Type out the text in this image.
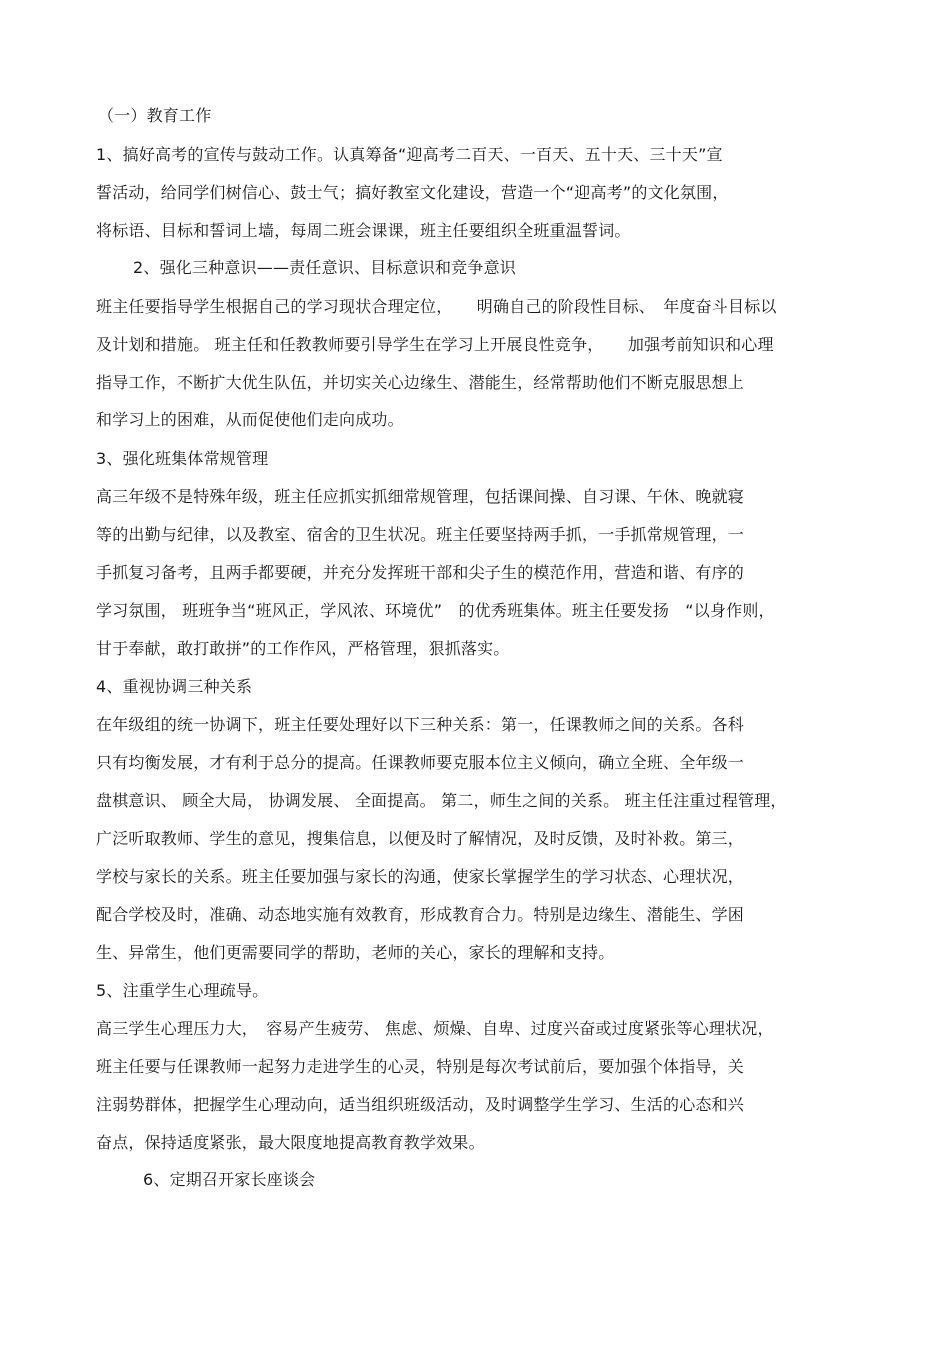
（一）教育工作
1、搞好高考的宣传与鼓动工作。认真筹备“迎高考二百天、一百天、五十天、三十天”宣
誓活动，给同学们树信心、鼓士气；搞好教室文化建设，营造一个“迎高考”的文化氛围，
将标语、目标和誓词上墙，每周二班会课课，班主任要组织全班重温誓词。
2、强化三种意识——责任意识、目标意识和竞争意识
班主任要指导学生根据自己的学习现状合理定位，　　明确自己的阶段性目标、　年度奋斗目标以
及计划和措施。 班主任和任教教师要引导学生在学习上开展良性竞争，　　加强考前知识和心理
指导工作，不断扩大优生队伍，并切实关心边缘生、潜能生，经常帮助他们不断克服思想上
和学习上的困难，从而促使他们走向成功。
3、强化班集体常规管理
高三年级不是特殊年级，班主任应抓实抓细常规管理，包括课间操、自习课、午休、晚就寝
等的出勤与纪律，以及教室、宿舍的卫生状况。班主任要坚持两手抓，一手抓常规管理，一
手抓复习备考，且两手都要硬，并充分发挥班干部和尖子生的模范作用，营造和谐、有序的
学习氛围， 班班争当“班风正，学风浓、环境优”　的优秀班集体。班主任要发扬　“以身作则，
甘于奉献，敢打敢拼”的工作作风，严格管理，狠抓落实。
4、重视协调三种关系
在年级组的统一协调下，班主任要处理好以下三种关系：第一，任课教师之间的关系。各科
只有均衡发展，才有利于总分的提高。任课教师要克服本位主义倾向，确立全班、全年级一
盘棋意识、 顾全大局， 协调发展、 全面提高。 第二，师生之间的关系。 班主任注重过程管理，
广泛听取教师、学生的意见，搜集信息，以便及时了解情况，及时反馈，及时补救。第三，
学校与家长的关系。班主任要加强与家长的沟通，使家长掌握学生的学习状态、心理状况，
配合学校及时，准确、动态地实施有效教育，形成教育合力。特别是边缘生、潜能生、学困
生、异常生，他们更需要同学的帮助，老师的关心，家长的理解和支持。
5、注重学生心理疏导。
高三学生心理压力大，　容易产生疲劳、 焦虑、烦燥、自卑、过度兴奋或过度紧张等心理状况，
班主任要与任课教师一起努力走进学生的心灵，特别是每次考试前后，要加强个体指导，关
注弱势群体，把握学生心理动向，适当组织班级活动，及时调整学生学习、生活的心态和兴
奋点，保持适度紧张，最大限度地提高教育教学效果。
6、定期召开家长座谈会
